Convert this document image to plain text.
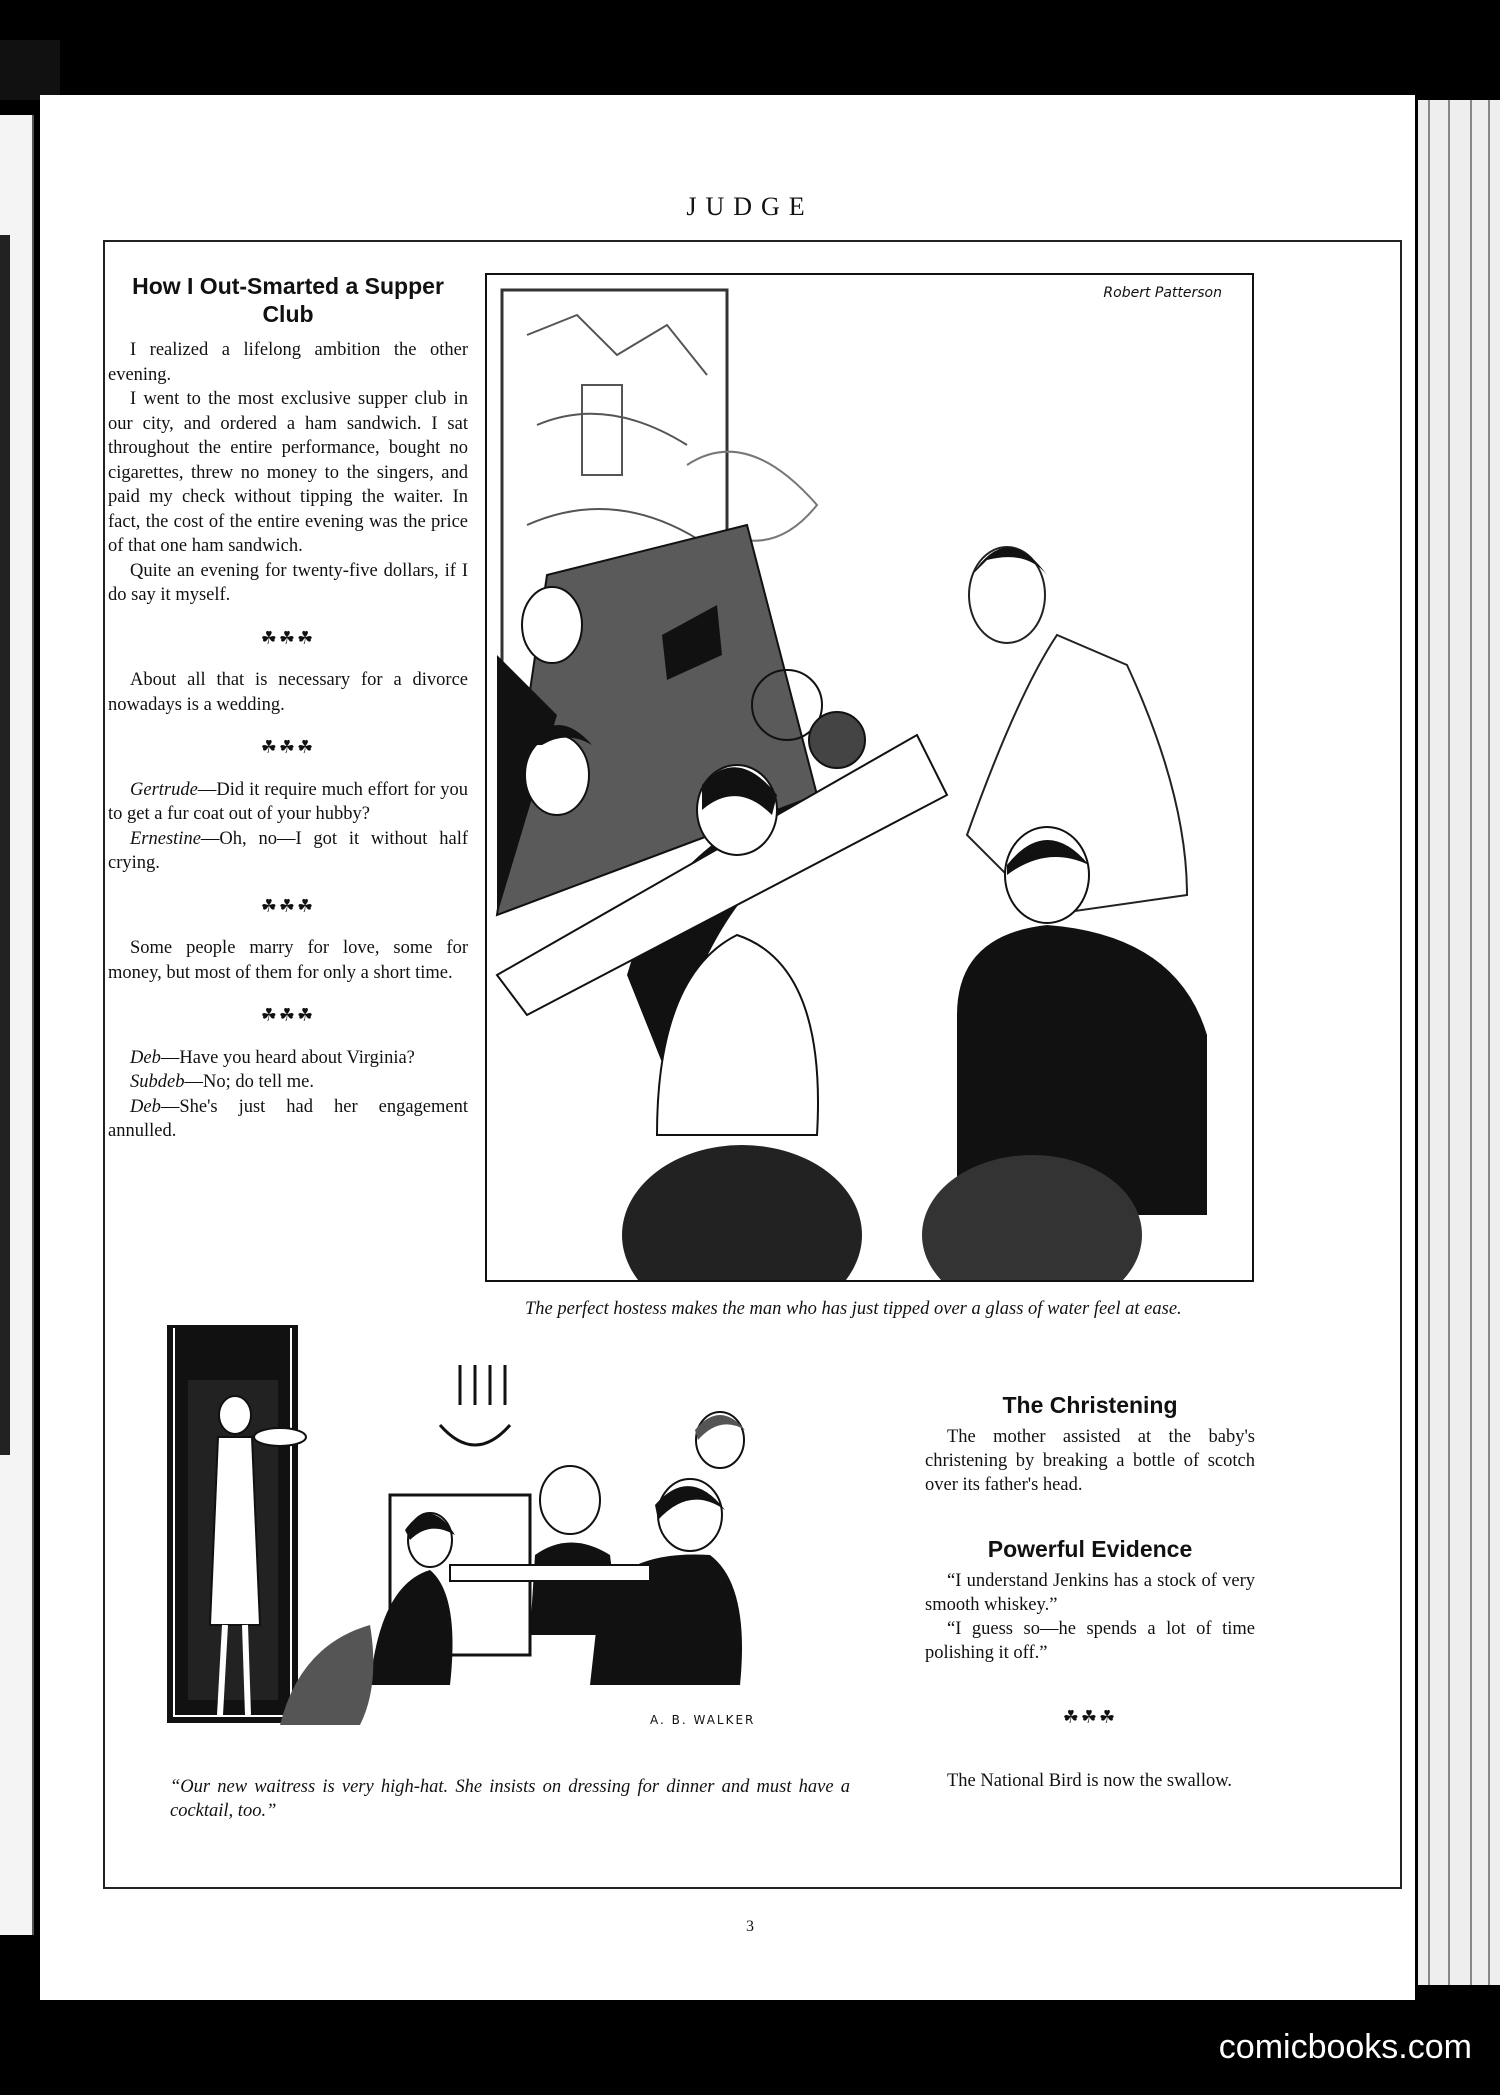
JUDGE
How I Out-Smarted a Supper Club

I realized a lifelong ambition the other evening.

I went to the most exclusive supper club in our city, and ordered a ham sandwich. I sat throughout the entire performance, bought no cigarettes, threw no money to the singers, and paid my check without tipping the waiter. In fact, the cost of the entire evening was the price of that one ham sandwich.

Quite an evening for twenty-five dollars, if I do say it myself.

☘☘☘

About all that is necessary for a divorce nowadays is a wedding.

☘☘☘

Gertrude—Did it require much effort for you to get a fur coat out of your hubby?

Ernestine—Oh, no—I got it without half crying.

☘☘☘

Some people marry for love, some for money, but most of them for only a short time.

☘☘☘

Deb—Have you heard about Virginia?

Subdeb—No; do tell me.

Deb—She's just had her engagement annulled.

Robert Patterson
The perfect hostess makes the man who has just tipped over a glass of water feel at ease.
A. B. WALKER
“Our new waitress is very high-hat. She insists on dressing for dinner and must have a cocktail, too.”
The Christening

The mother assisted at the baby's christening by breaking a bottle of scotch over its father's head.

Powerful Evidence

“I understand Jenkins has a stock of very smooth whiskey.”

“I guess so—he spends a lot of time polishing it off.”

☘☘☘

The National Bird is now the swallow.

3
comicbooks.com
